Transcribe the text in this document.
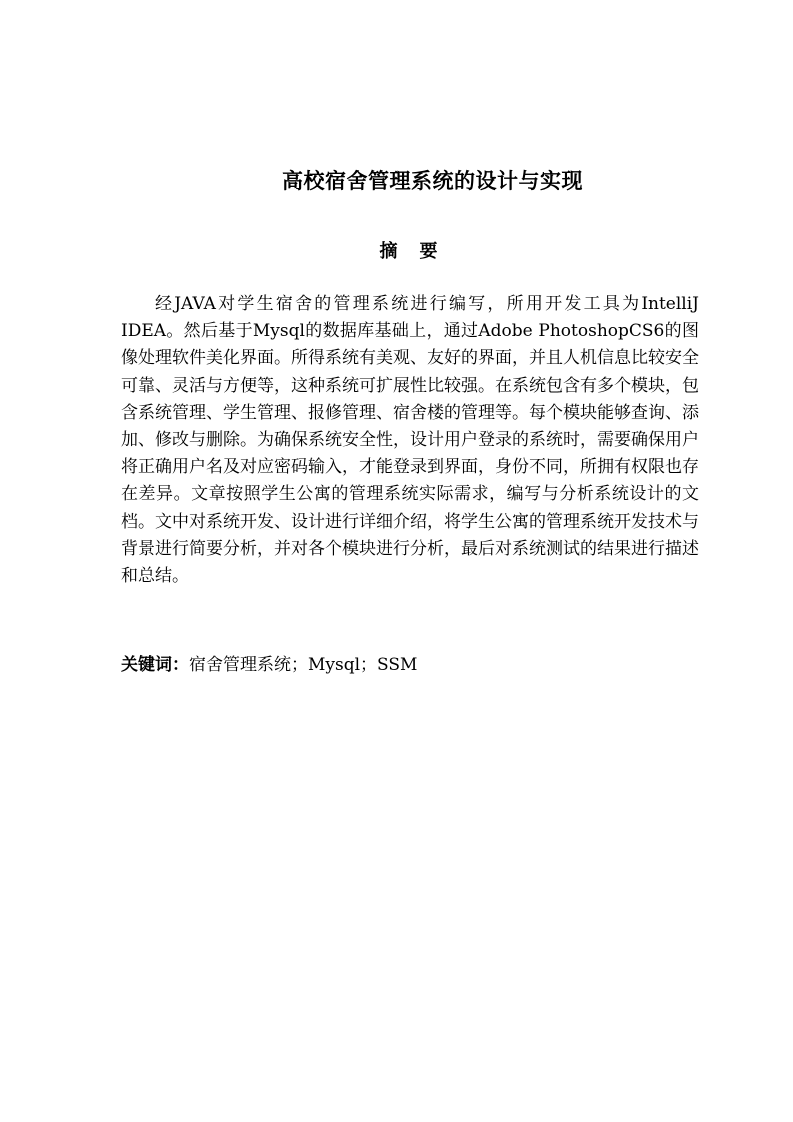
高校宿舍管理系统的设计与实现
摘 要

经JAVA对学生宿舍的管理系统进行编写，所用开发工具为IntelliJ IDEA。然后基于Mysql的数据库基础上，通过Adobe PhotoshopCS6的图像处理软件美化界面。所得系统有美观、友好的界面，并且人机信息比较安全可靠、灵活与方便等，这种系统可扩展性比较强。在系统包含有多个模块，包含系统管理、学生管理、报修管理、宿舍楼的管理等。每个模块能够查询、添加、修改与删除。为确保系统安全性，设计用户登录的系统时，需要确保用户将正确用户名及对应密码输入，才能登录到界面，身份不同，所拥有权限也存在差异。文章按照学生公寓的管理系统实际需求，编写与分析系统设计的文档。文中对系统开发、设计进行详细介绍，将学生公寓的管理系统开发技术与背景进行简要分析，并对各个模块进行分析，最后对系统测试的结果进行描述和总结。

关键词：宿舍管理系统；Mysql；SSM
